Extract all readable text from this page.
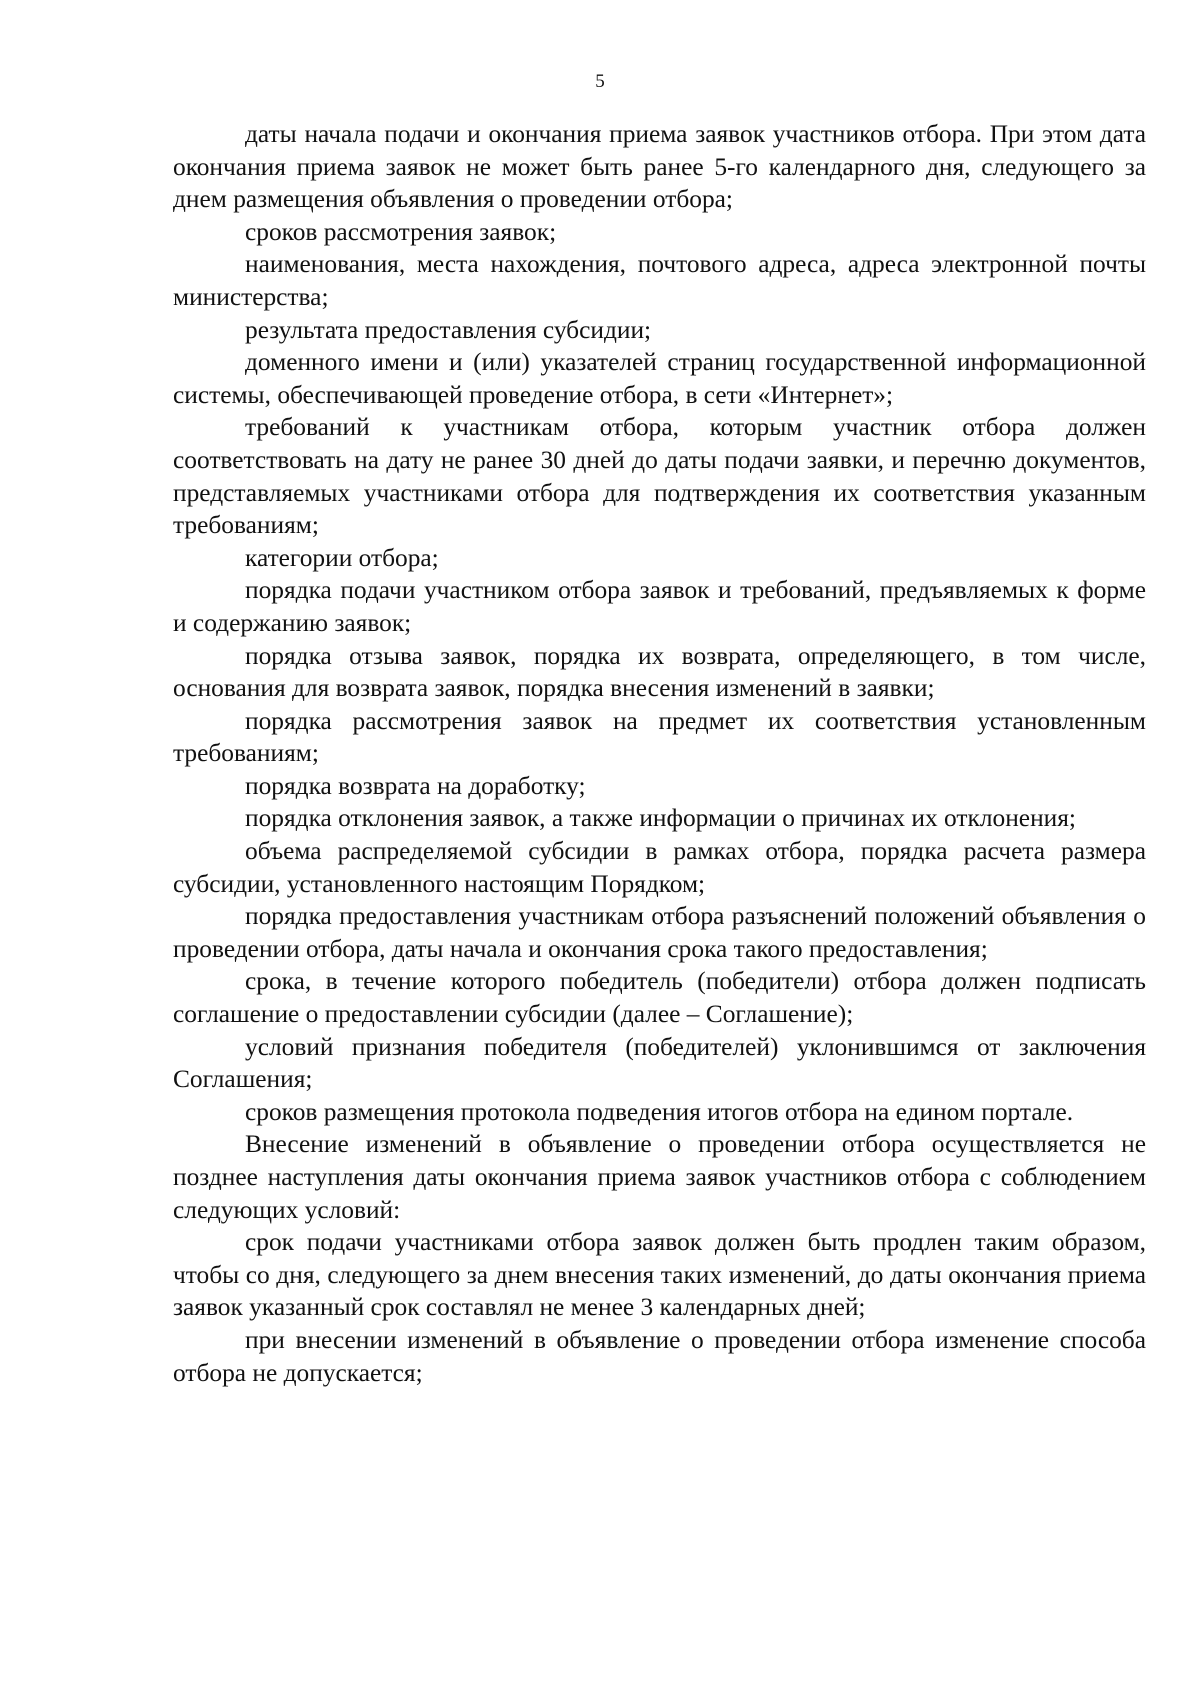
5

даты начала подачи и окончания приема заявок участников отбора. При этом дата окончания приема заявок не может быть ранее 5-го календарного дня, следующего за днем размещения объявления о проведении отбора;

сроков рассмотрения заявок;

наименования, места нахождения, почтового адреса, адреса электронной почты министерства;

результата предоставления субсидии;

доменного имени и (или) указателей страниц государственной информационной системы, обеспечивающей проведение отбора, в сети «Интернет»;

требований к участникам отбора, которым участник отбора должен соответствовать на дату не ранее 30 дней до даты подачи заявки, и перечню документов, представляемых участниками отбора для подтверждения их соответствия указанным требованиям;

категории отбора;

порядка подачи участником отбора заявок и требований, предъявляемых к форме и содержанию заявок;

порядка отзыва заявок, порядка их возврата, определяющего, в том числе, основания для возврата заявок, порядка внесения изменений в заявки;

порядка рассмотрения заявок на предмет их соответствия установленным требованиям;

порядка возврата на доработку;

порядка отклонения заявок, а также информации о причинах их отклонения;

объема распределяемой субсидии в рамках отбора, порядка расчета размера субсидии, установленного настоящим Порядком;

порядка предоставления участникам отбора разъяснений положений объявления о проведении отбора, даты начала и окончания срока такого предоставления;

срока, в течение которого победитель (победители) отбора должен подписать соглашение о предоставлении субсидии (далее – Соглашение);

условий признания победителя (победителей) уклонившимся от заключения Соглашения;

сроков размещения протокола подведения итогов отбора на едином портале.

Внесение изменений в объявление о проведении отбора осуществляется не позднее наступления даты окончания приема заявок участников отбора с соблюдением следующих условий:

срок подачи участниками отбора заявок должен быть продлен таким образом, чтобы со дня, следующего за днем внесения таких изменений, до даты окончания приема заявок указанный срок составлял не менее 3 календарных дней;

при внесении изменений в объявление о проведении отбора изменение способа отбора не допускается;
